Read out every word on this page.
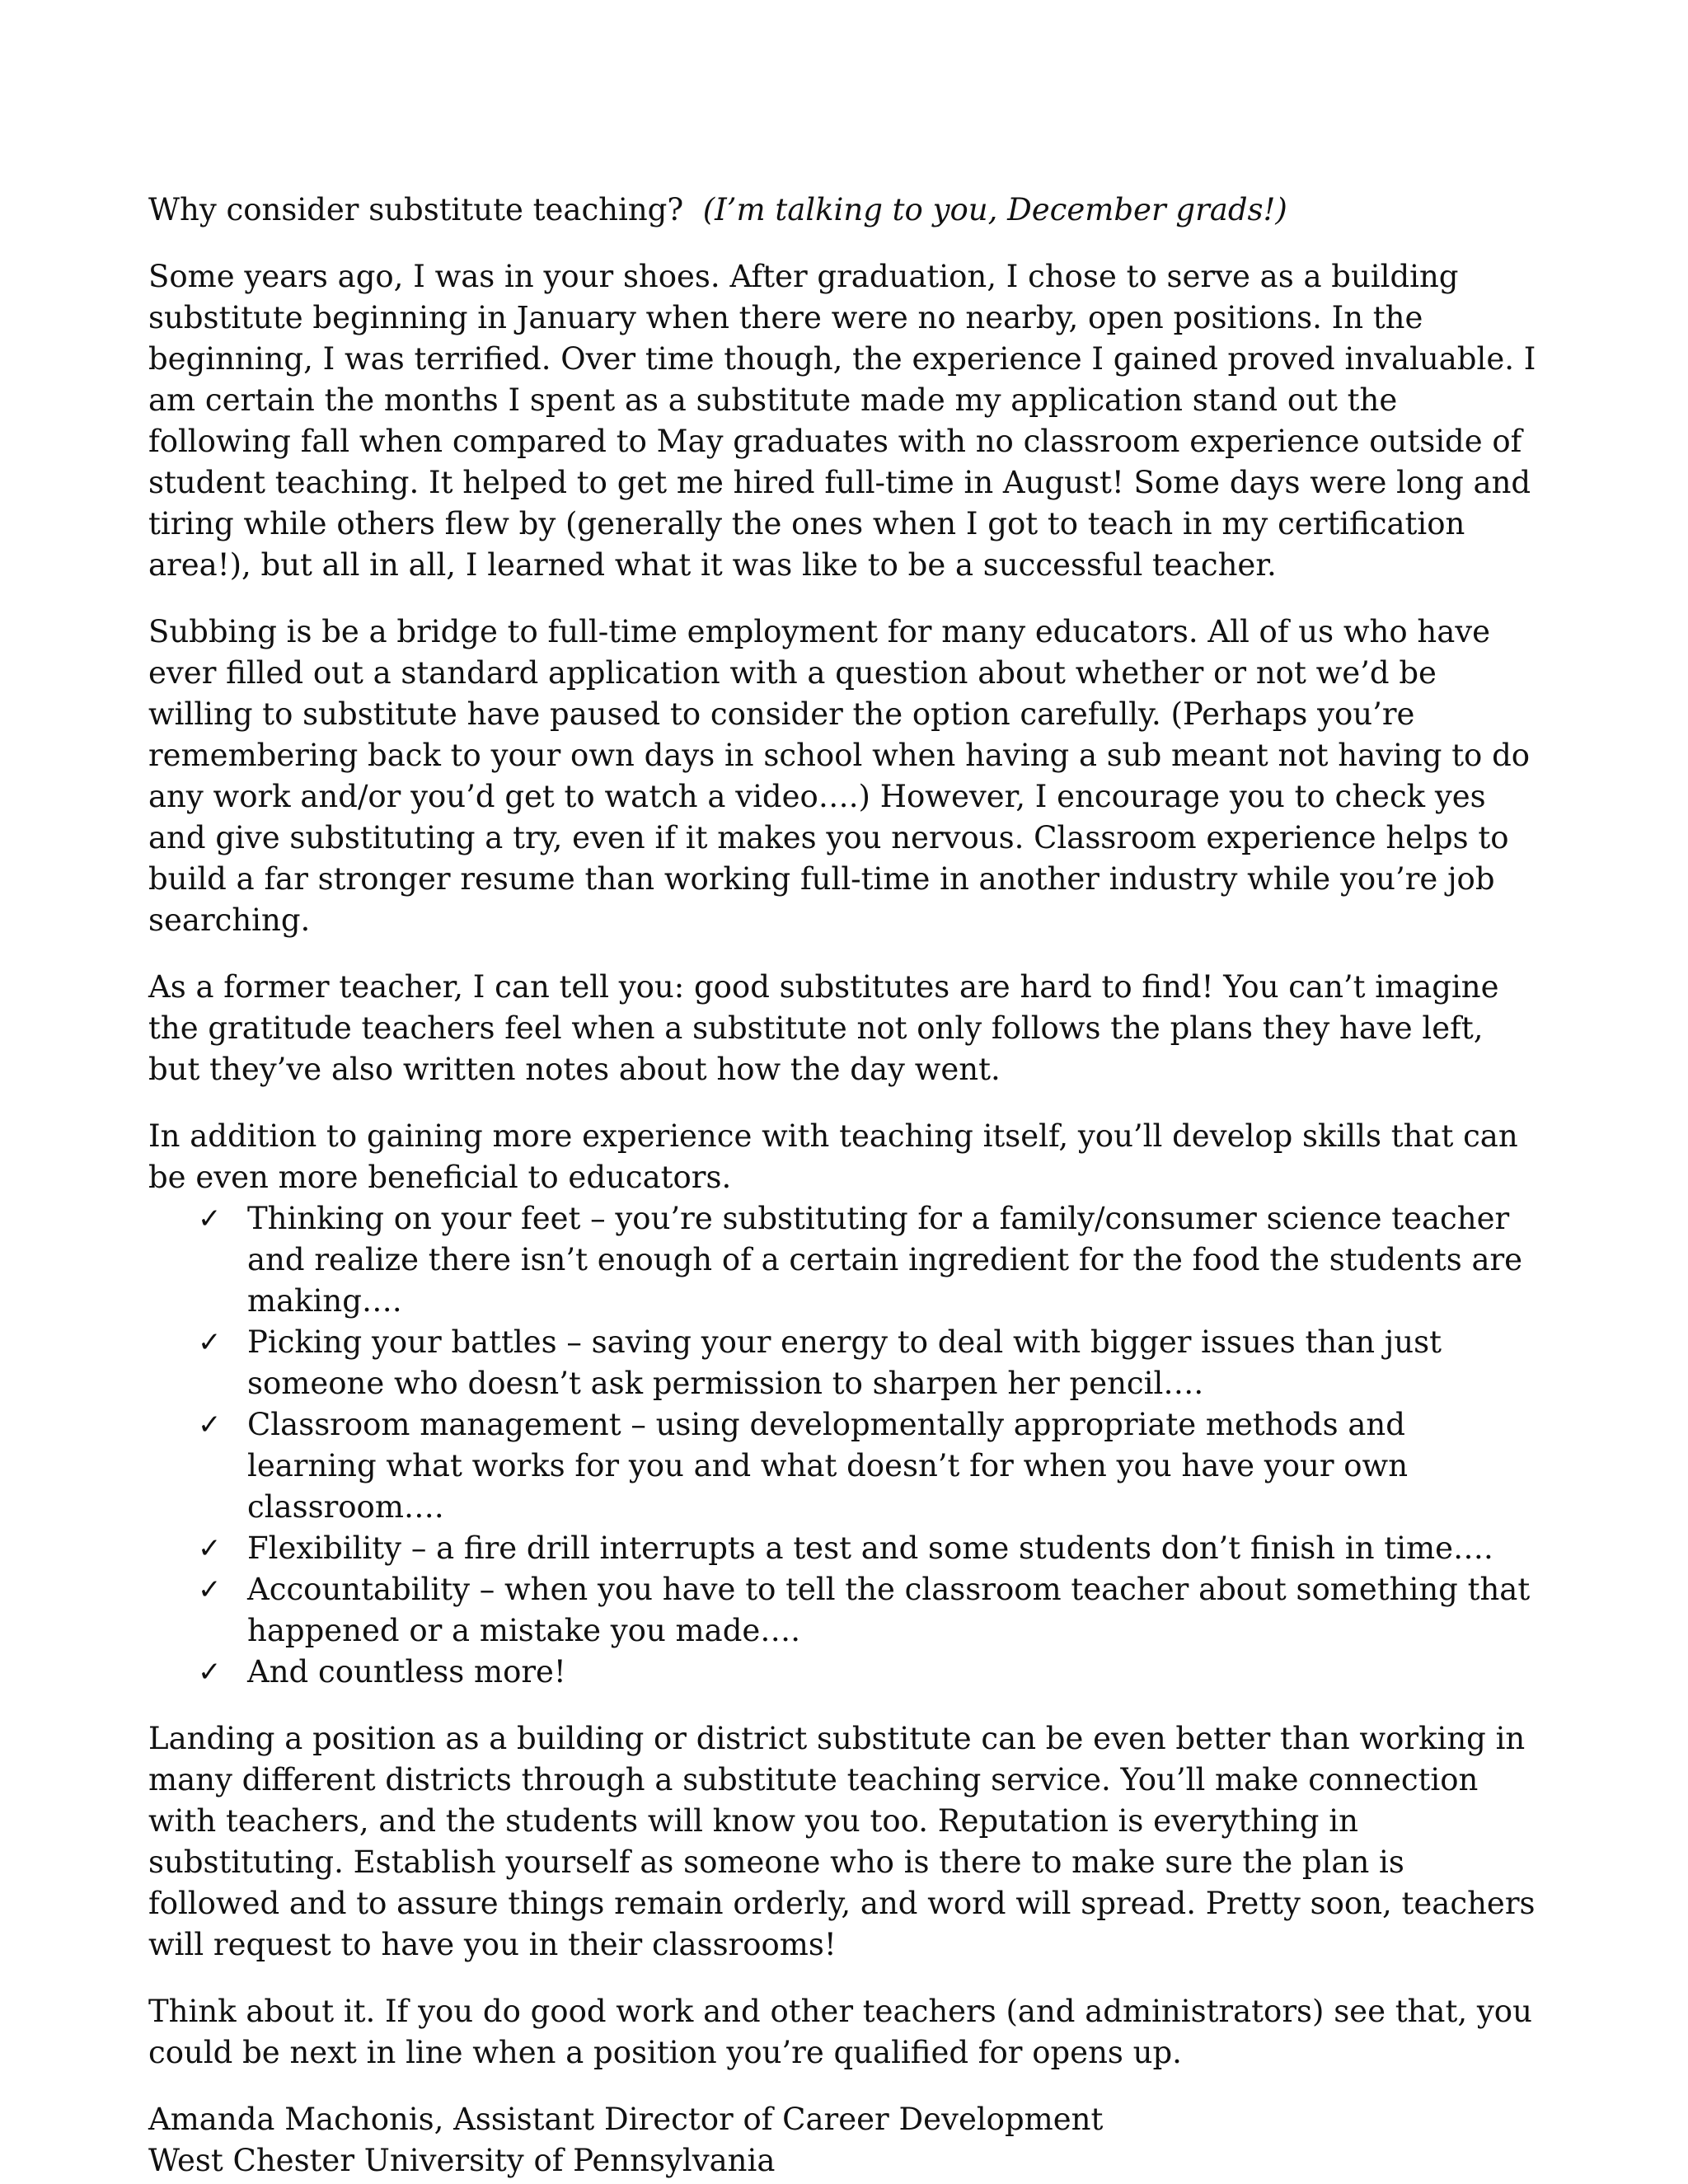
Why consider substitute teaching? (I’m talking to you, December grads!)

Some years ago, I was in your shoes. After graduation, I chose to serve as a building substitute beginning in January when there were no nearby, open positions. In the beginning, I was terrified. Over time though, the experience I gained proved invaluable. I am certain the months I spent as a substitute made my application stand out the following fall when compared to May graduates with no classroom experience outside of student teaching. It helped to get me hired full-time in August! Some days were long and tiring while others flew by (generally the ones when I got to teach in my certification area!), but all in all, I learned what it was like to be a successful teacher.

Subbing is be a bridge to full-time employment for many educators. All of us who have ever filled out a standard application with a question about whether or not we’d be willing to substitute have paused to consider the option carefully. (Perhaps you’re remembering back to your own days in school when having a sub meant not having to do any work and/or you’d get to watch a video….) However, I encourage you to check yes and give substituting a try, even if it makes you nervous. Classroom experience helps to build a far stronger resume than working full-time in another industry while you’re job searching.

As a former teacher, I can tell you: good substitutes are hard to find! You can’t imagine the gratitude teachers feel when a substitute not only follows the plans they have left, but they’ve also written notes about how the day went.

In addition to gaining more experience with teaching itself, you’ll develop skills that can be even more beneficial to educators.

✓ Thinking on your feet – you’re substituting for a family/consumer science teacher and realize there isn’t enough of a certain ingredient for the food the students are making….
✓ Picking your battles – saving your energy to deal with bigger issues than just someone who doesn’t ask permission to sharpen her pencil….
✓ Classroom management – using developmentally appropriate methods and learning what works for you and what doesn’t for when you have your own classroom….
✓ Flexibility – a fire drill interrupts a test and some students don’t finish in time….
✓ Accountability – when you have to tell the classroom teacher about something that happened or a mistake you made….
✓ And countless more!

Landing a position as a building or district substitute can be even better than working in many different districts through a substitute teaching service. You’ll make connection with teachers, and the students will know you too. Reputation is everything in substituting. Establish yourself as someone who is there to make sure the plan is followed and to assure things remain orderly, and word will spread. Pretty soon, teachers will request to have you in their classrooms!

Think about it. If you do good work and other teachers (and administrators) see that, you could be next in line when a position you’re qualified for opens up.

Amanda Machonis, Assistant Director of Career Development
West Chester University of Pennsylvania
